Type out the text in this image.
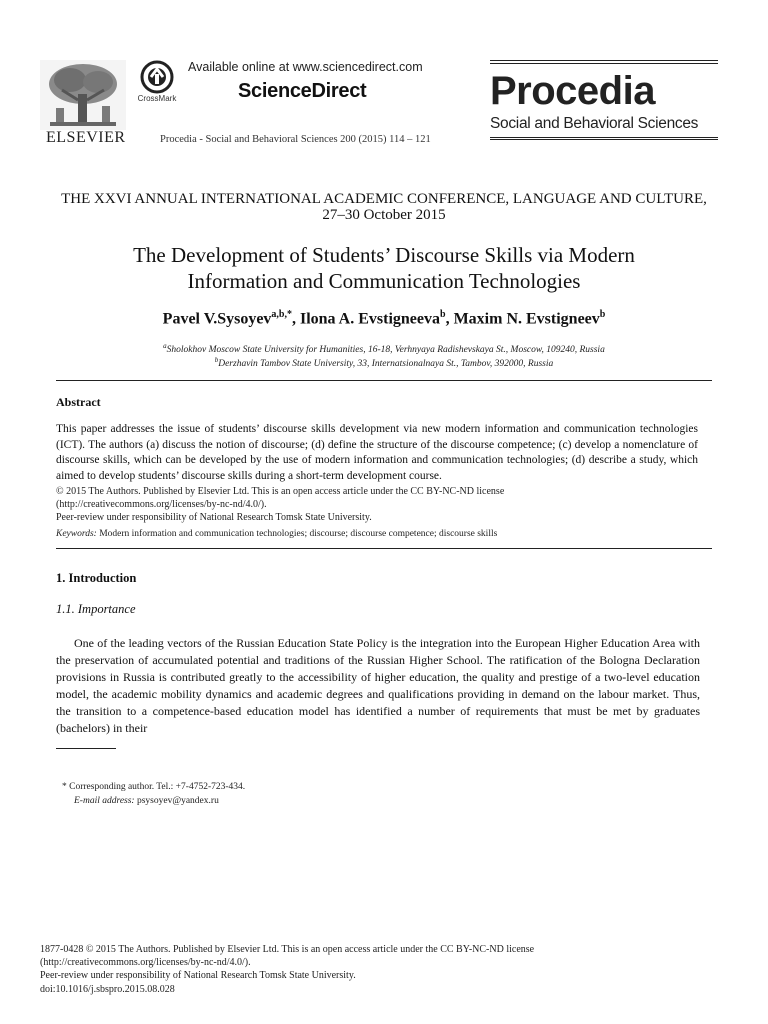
ELSEVIER
CrossMark
Available online at www.sciencedirect.com
ScienceDirect
Procedia - Social and Behavioral Sciences 200 (2015) 114 – 121
Procedia
Social and Behavioral Sciences
THE XXVI ANNUAL INTERNATIONAL ACADEMIC CONFERENCE, LANGUAGE AND CULTURE, 27–30 October 2015
The Development of Students’ Discourse Skills via Modern
Information and Communication Technologies
Pavel V.Sysoyev$^{a,b,*}$, Ilona A. Evstigneeva$^b$, Maxim N. Evstigneev$^b$
$^a$Sholokhov Moscow State University for Humanities, 16-18, Verhnyaya Radishevskaya St., Moscow, 109240, Russia
$^b$Derzhavin Tambov State University, 33, Internatsionalnaya St., Tambov, 392000, Russia
Abstract
This paper addresses the issue of students’ discourse skills development via new modern information and communication technologies (ICT). The authors (a) discuss the notion of discourse; (d) define the structure of the discourse competence; (c) develop a nomenclature of discourse skills, which can be developed by the use of modern information and communication technologies; (d) describe a study, which aimed to develop students’ discourse skills during a short-term development course.
© 2015 The Authors. Published by Elsevier Ltd. This is an open access article under the CC BY-NC-ND license
(http://creativecommons.org/licenses/by-nc-nd/4.0/).
Peer-review under responsibility of National Research Tomsk State University.
Keywords: Modern information and communication technologies; discourse; discourse competence; discourse skills
1. Introduction
1.1. Importance
One of the leading vectors of the Russian Education State Policy is the integration into the European Higher Education Area with the preservation of accumulated potential and traditions of the Russian Higher School. The ratification of the Bologna Declaration provisions in Russia is contributed greatly to the accessibility of higher education, the quality and prestige of a two-level education model, the academic mobility dynamics and academic degrees and qualifications providing in demand on the labour market. Thus, the transition to a competence-based education model has identified a number of requirements that must be met by graduates (bachelors) in their
* Corresponding author. Tel.: +7-4752-723-434.
E-mail address: psysoyev@yandex.ru
1877-0428 © 2015 The Authors. Published by Elsevier Ltd. This is an open access article under the CC BY-NC-ND license
(http://creativecommons.org/licenses/by-nc-nd/4.0/).
Peer-review under responsibility of National Research Tomsk State University.
doi:10.1016/j.sbspro.2015.08.028
